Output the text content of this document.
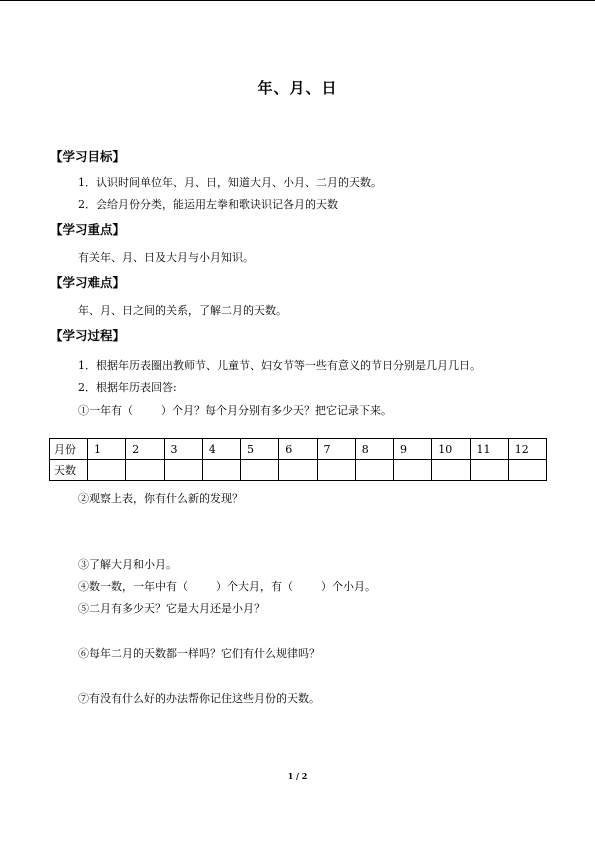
年、月、日
【学习目标】
1．认识时间单位年、月、日，知道大月、小月、二月的天数。
2．会给月份分类，能运用左拳和歌诀识记各月的天数
【学习重点】
有关年、月、日及大月与小月知识。
【学习难点】
年、月、日之间的关系，了解二月的天数。
【学习过程】
1．根据年历表圈出教师节、儿童节、妇女节等一些有意义的节日分别是几月几日。
2．根据年历表回答:
①一年有（        ）个月？每个月分别有多少天？把它记录下来。
月份	1	2	3	4	5	6	7	8	9	10	11	12
天数												
②观察上表，你有什么新的发现？
③了解大月和小月。
④数一数，一年中有（        ）个大月，有（        ）个小月。
⑤二月有多少天？它是大月还是小月？
⑥每年二月的天数都一样吗？它们有什么规律吗？
⑦有没有什么好的办法帮你记住这些月份的天数。
1 / 2
